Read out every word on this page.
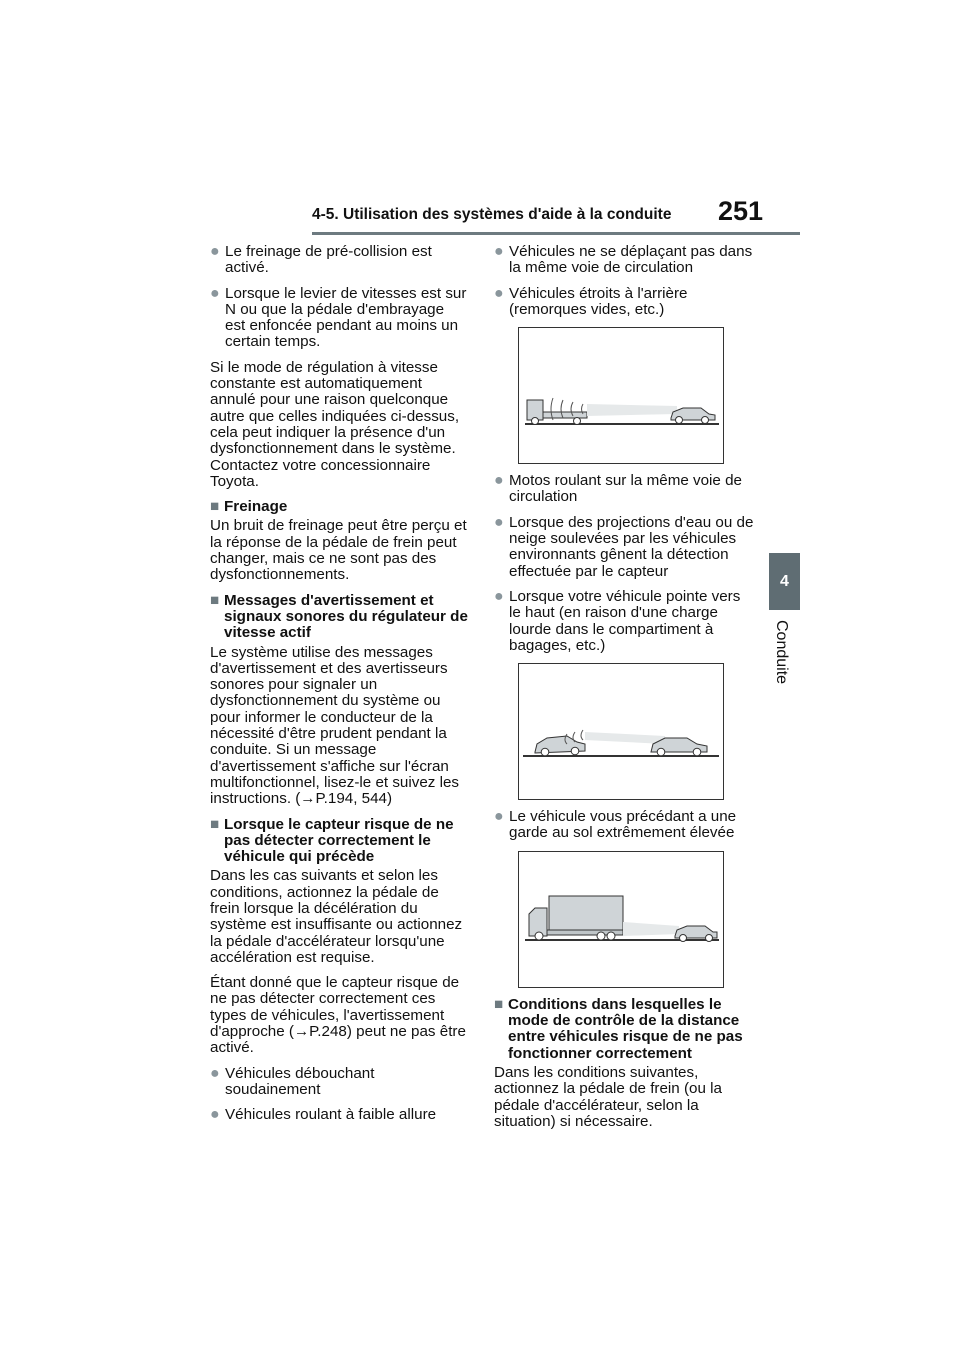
4-5. Utilisation des systèmes d'aide à la conduite 251
4
Conduite
● Le freinage de pré-collision est activé.
● Lorsque le levier de vitesses est sur N ou que la pédale d'embrayage est enfoncée pendant au moins un certain temps.

Si le mode de régulation à vitesse constante est automatiquement annulé pour une raison quelconque autre que celles indiquées ci-dessus, cela peut indiquer la présence d'un dysfonctionnement dans le système. Contactez votre concessionnaire Toyota.

■ Freinage

Un bruit de freinage peut être perçu et la réponse de la pédale de frein peut changer, mais ce ne sont pas des dysfonctionnements.

■ Messages d'avertissement et signaux sonores du régulateur de vitesse actif

Le système utilise des messages d'avertissement et des avertisseurs sonores pour signaler un dysfonctionnement du système ou pour informer le conducteur de la nécessité d'être prudent pendant la conduite. Si un message d'avertissement s'affiche sur l'écran multifonctionnel, lisez-le et suivez les instructions. (→P.194, 544)

■ Lorsque le capteur risque de ne pas détecter correctement le véhicule qui précède

Dans les cas suivants et selon les conditions, actionnez la pédale de frein lorsque la décélération du système est insuffisante ou actionnez la pédale d'accélérateur lorsqu'une accélération est requise.

Étant donné que le capteur risque de ne pas détecter correctement ces types de véhicules, l'avertissement d'approche (→P.248) peut ne pas être activé.

● Véhicules débouchant soudainement
● Véhicules roulant à faible allure
● Véhicules ne se déplaçant pas dans la même voie de circulation
● Véhicules étroits à l'arrière (remorques vides, etc.)
● Motos roulant sur la même voie de circulation
● Lorsque des projections d'eau ou de neige soulevées par les véhicules environnants gênent la détection effectuée par le capteur
● Lorsque votre véhicule pointe vers le haut (en raison d'une charge lourde dans le compartiment à bagages, etc.)
● Le véhicule vous précédant a une garde au sol extrêmement élevée
■ Conditions dans lesquelles le mode de contrôle de la distance entre véhicules risque de ne pas fonctionner correctement

Dans les conditions suivantes, actionnez la pédale de frein (ou la pédale d'accélérateur, selon la situation) si nécessaire.
